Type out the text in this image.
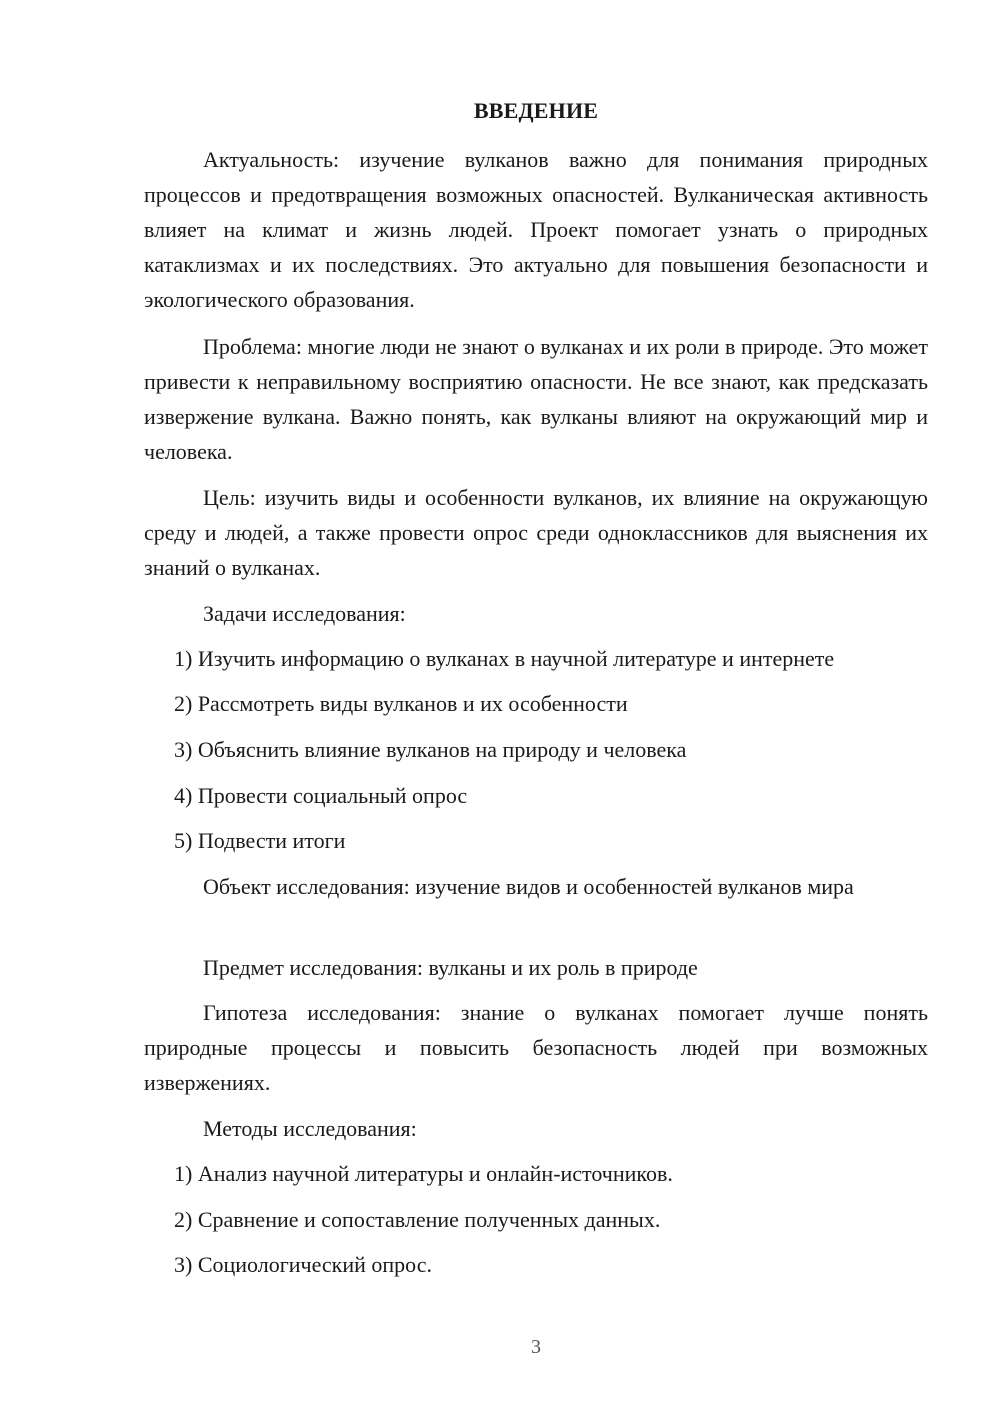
ВВЕДЕНИЕ

Актуальность: изучение вулканов важно для понимания природных процессов и предотвращения возможных опасностей. Вулканическая активность влияет на климат и жизнь людей. Проект помогает узнать о природных катаклизмах и их последствиях. Это актуально для повышения безопасности и экологического образования.

Проблема: многие люди не знают о вулканах и их роли в природе. Это может привести к неправильному восприятию опасности. Не все знают, как предсказать извержение вулкана. Важно понять, как вулканы влияют на окружающий мир и человека.

Цель: изучить виды и особенности вулканов, их влияние на окружающую среду и людей, а также провести опрос среди одноклассников для выяснения их знаний о вулканах.

Задачи исследования:

1) Изучить информацию о вулканах в научной литературе и интернете

2) Рассмотреть виды вулканов и их особенности

3) Объяснить влияние вулканов на природу и человека

4) Провести социальный опрос

5) Подвести итоги

Объект исследования: изучение видов и особенностей вулканов мира

Предмет исследования: вулканы и их роль в природе

Гипотеза исследования: знание о вулканах помогает лучше понять природные процессы и повысить безопасность людей при возможных извержениях.

Методы исследования:

1) Анализ научной литературы и онлайн-источников.

2) Сравнение и сопоставление полученных данных.

3) Социологический опрос.

3
